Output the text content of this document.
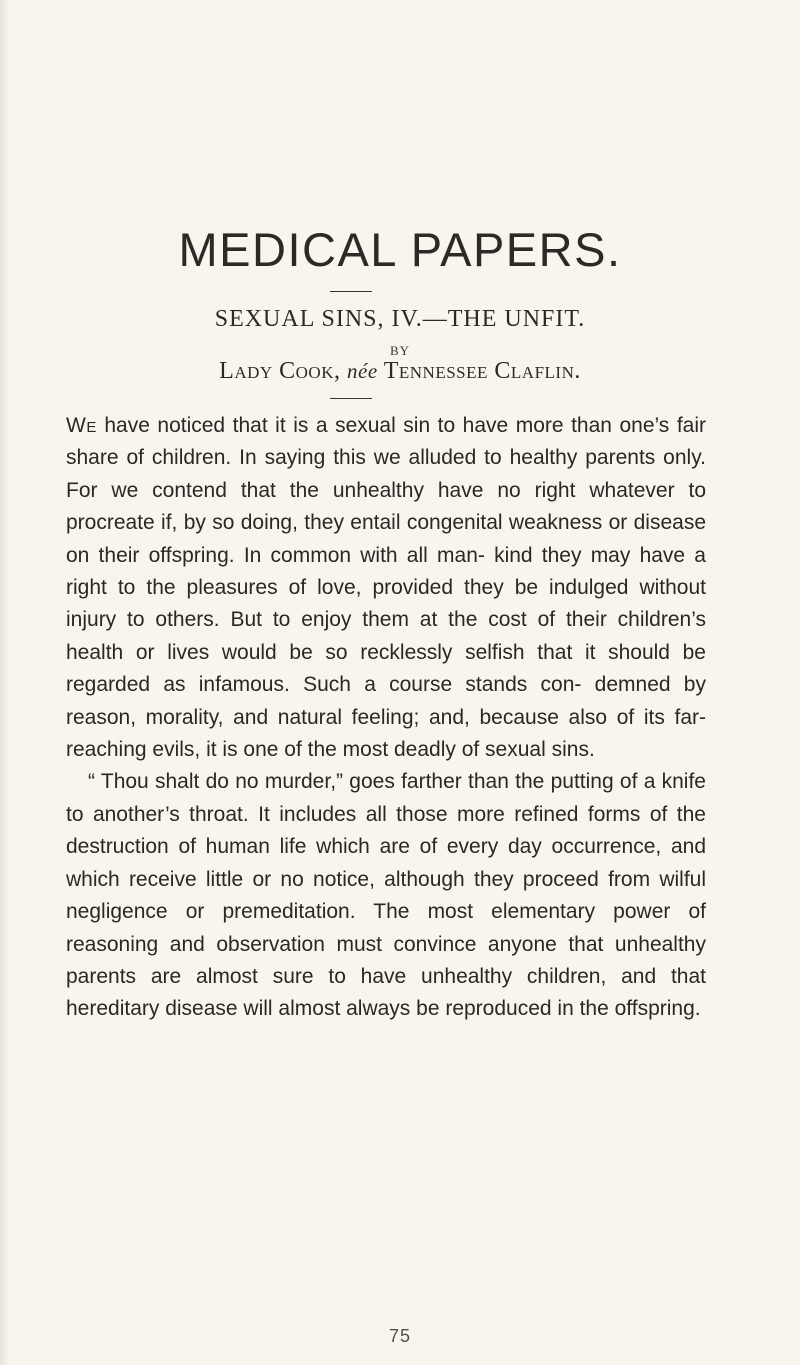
MEDICAL PAPERS.
SEXUAL SINS, IV.—THE UNFIT.
BY
Lady Cook, née Tennessee Claflin.

We have noticed that it is a sexual sin to have more than one’s fair share of children. In saying this we alluded to healthy parents only. For we contend that the unhealthy have no right whatever to procreate if, by so doing, they entail congenital weakness or disease on their offspring. In common with all man- kind they may have a right to the pleasures of love, provided they be indulged without injury to others. But to enjoy them at the cost of their children’s health or lives would be so recklessly selfish that it should be regarded as infamous. Such a course stands con- demned by reason, morality, and natural feeling; and, because also of its far-reaching evils, it is one of the most deadly of sexual sins.

“ Thou shalt do no murder,” goes farther than the putting of a knife to another’s throat. It includes all those more refined forms of the destruction of human life which are of every day occurrence, and which receive little or no notice, although they proceed from wilful negligence or premeditation. The most elementary power of reasoning and observation must convince anyone that unhealthy parents are almost sure to have unhealthy children, and that hereditary disease will almost always be reproduced in the offspring.

75
